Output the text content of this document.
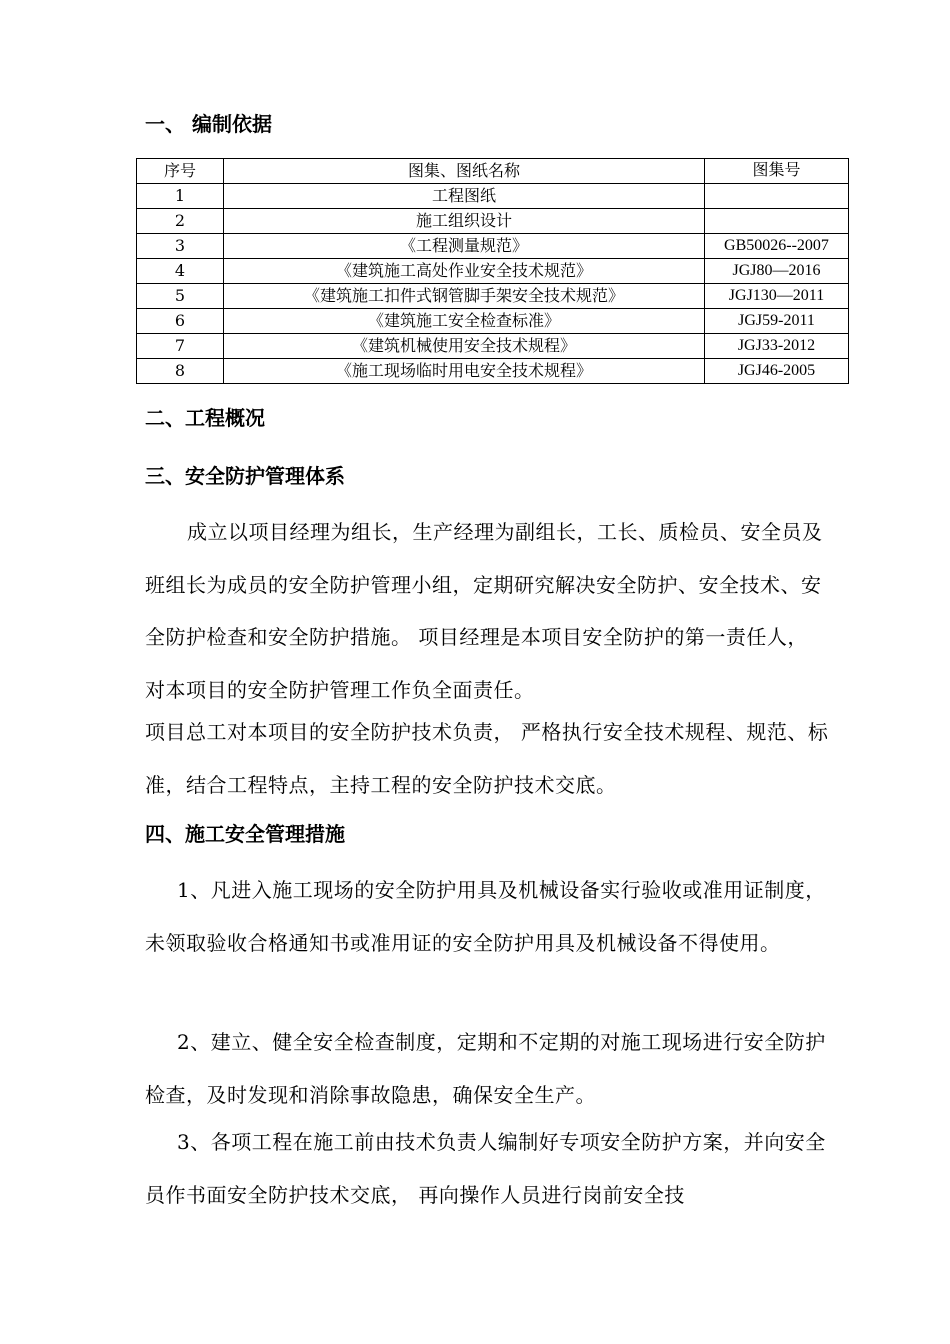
一、 编制依据
序号	图集、图纸名称	图集号
1	工程图纸	
2	施工组织设计	
3	《工程测量规范》	GB50026--2007
4	《建筑施工高处作业安全技术规范》	JGJ80—2016
5	《建筑施工扣件式钢管脚手架安全技术规范》	JGJ130—2011
6	《建筑施工安全检查标准》	JGJ59-2011
7	《建筑机械使用安全技术规程》	JGJ33-2012
8	《施工现场临时用电安全技术规程》	JGJ46-2005
二、工程概况
三、安全防护管理体系

成立以项目经理为组长，生产经理为副组长，工长、质检员、安全员及班组长为成员的安全防护管理小组，定期研究解决安全防护、安全技术、安全防护检查和安全防护措施。 项目经理是本项目安全防护的第一责任人， 对本项目的安全防护管理工作负全面责任。

项目总工对本项目的安全防护技术负责， 严格执行安全技术规程、规范、标准，结合工程特点，主持工程的安全防护技术交底。

四、施工安全管理措施

1、凡进入施工现场的安全防护用具及机械设备实行验收或准用证制度， 未领取验收合格通知书或准用证的安全防护用具及机械设备不得使用。

2、建立、健全安全检查制度，定期和不定期的对施工现场进行安全防护检查，及时发现和消除事故隐患，确保安全生产。

3、各项工程在施工前由技术负责人编制好专项安全防护方案，并向安全员作书面安全防护技术交底， 再向操作人员进行岗前安全技
